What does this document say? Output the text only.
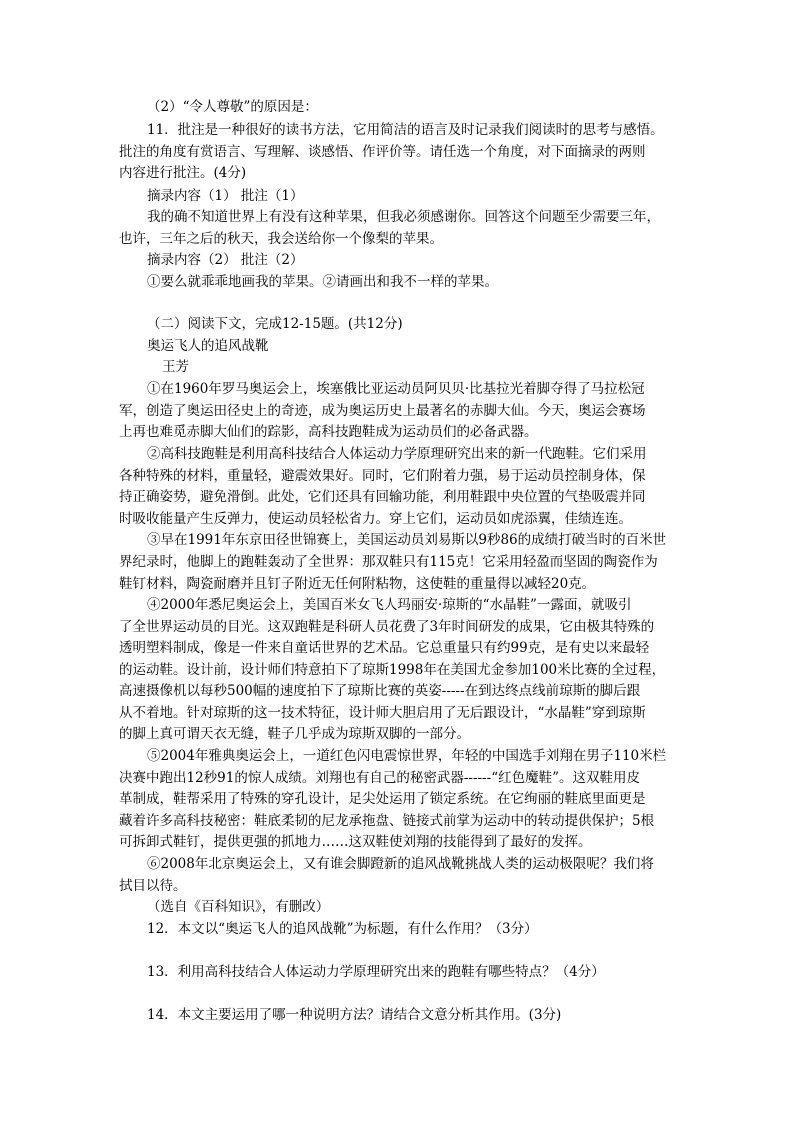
（2）“令人尊敬”的原因是：
11．批注是一种很好的读书方法，它用简洁的语言及时记录我们阅读时的思考与感悟。
批注的角度有赏语言、写理解、谈感悟、作评价等。请任选一个角度，对下面摘录的两则
内容进行批注。(4分)
摘录内容（1） 批注（1）
我的确不知道世界上有没有这种苹果，但我必须感谢你。回答这个问题至少需要三年，
也许，三年之后的秋天，我会送给你一个像梨的苹果。
摘录内容（2） 批注（2）
①要么就乖乖地画我的苹果。②请画出和我不一样的苹果。
（二）阅读下文，完成12-15题。(共12分)
奥运飞人的追风战靴
王芳
①在1960年罗马奥运会上，埃塞俄比亚运动员阿贝贝·比基拉光着脚夺得了马拉松冠
军，创造了奥运田径史上的奇迹，成为奥运历史上最著名的赤脚大仙。今天，奥运会赛场
上再也难觅赤脚大仙们的踪影，高科技跑鞋成为运动员们的必备武器。
②高科技跑鞋是利用高科技结合人体运动力学原理研究出来的新一代跑鞋。它们采用
各种特殊的材料，重量轻，避震效果好。同时，它们附着力强，易于运动员控制身体，保
持正确姿势，避免滑倒。此处，它们还具有回输功能，利用鞋跟中央位置的气垫吸震并同
时吸收能量产生反弹力，使运动员轻松省力。穿上它们，运动员如虎添翼，佳绩连连。
③早在1991年东京田径世锦赛上，美国运动员刘易斯以9秒86的成绩打破当时的百米世
界纪录时，他脚上的跑鞋轰动了全世界：那双鞋只有115克！它采用轻盈而坚固的陶瓷作为
鞋钉材料，陶瓷耐磨并且钉子附近无任何附粘物，这使鞋的重量得以减轻20克。
④2000年悉尼奥运会上，美国百米女飞人玛丽安·琼斯的“水晶鞋”一露面，就吸引
了全世界运动员的目光。这双跑鞋是科研人员花费了3年时间研发的成果，它由极其特殊的
透明塑料制成，像是一件来自童话世界的艺术品。它总重量只有约99克，是有史以来最轻
的运动鞋。设计前，设计师们特意拍下了琼斯1998年在美国尤金参加100米比赛的全过程，
高速摄像机以每秒500幅的速度拍下了琼斯比赛的英姿-----在到达终点线前琼斯的脚后跟
从不着地。针对琼斯的这一技术特征，设计师大胆启用了无后跟设计，“水晶鞋”穿到琼斯
的脚上真可谓天衣无缝，鞋子几乎成为琼斯双脚的一部分。
⑤2004年雅典奥运会上，一道红色闪电震惊世界，年轻的中国选手刘翔在男子110米栏
决赛中跑出12秒91的惊人成绩。刘翔也有自己的秘密武器------“红色魔鞋”。这双鞋用皮
革制成，鞋帮采用了特殊的穿孔设计，足尖处运用了锁定系统。在它绚丽的鞋底里面更是
藏着许多高科技秘密：鞋底柔韧的尼龙承拖盘、链接式前掌为运动中的转动提供保护；5根
可拆卸式鞋钉，提供更强的抓地力……这双鞋使刘翔的技能得到了最好的发挥。
⑥2008年北京奥运会上，又有谁会脚蹬新的追风战靴挑战人类的运动极限呢？我们将
拭目以待。
（选自《百科知识》，有删改）
12．本文以“奥运飞人的追风战靴”为标题，有什么作用？（3分）
13．利用高科技结合人体运动力学原理研究出来的跑鞋有哪些特点？（4分）
14．本文主要运用了哪一种说明方法？请结合文意分析其作用。(3分)
